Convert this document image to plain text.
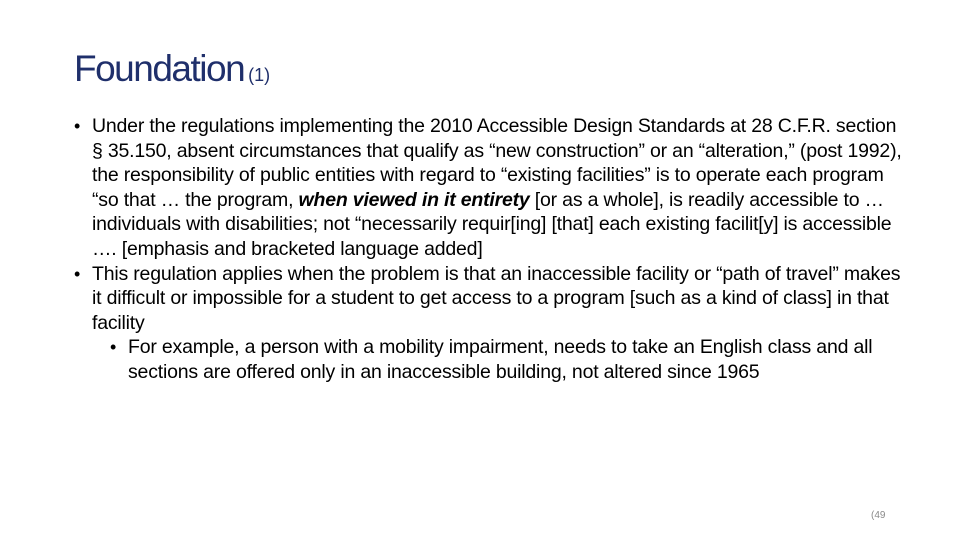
Foundation (1)
• Under the regulations implementing the 2010 Accessible Design Standards at 28 C.F.R. section § 35.150, absent circumstances that qualify as “new construction” or an “alteration,” (post 1992), the responsibility of public entities with regard to “existing facilities” is to operate each program “so that … the program, when viewed in it entirety [or as a whole], is readily accessible to … individuals with disabilities; not “necessarily requir[ing] [that] each existing facilit[y] is accessible …. [emphasis and bracketed language added]
• This regulation applies when the problem is that an inaccessible facility or “path of travel” makes it difficult or impossible for a student to get access to a program [such as a kind of class] in that facility
• For example, a person with a mobility impairment, needs to take an English class and all sections are offered only in an inaccessible building, not altered since 1965
(49
